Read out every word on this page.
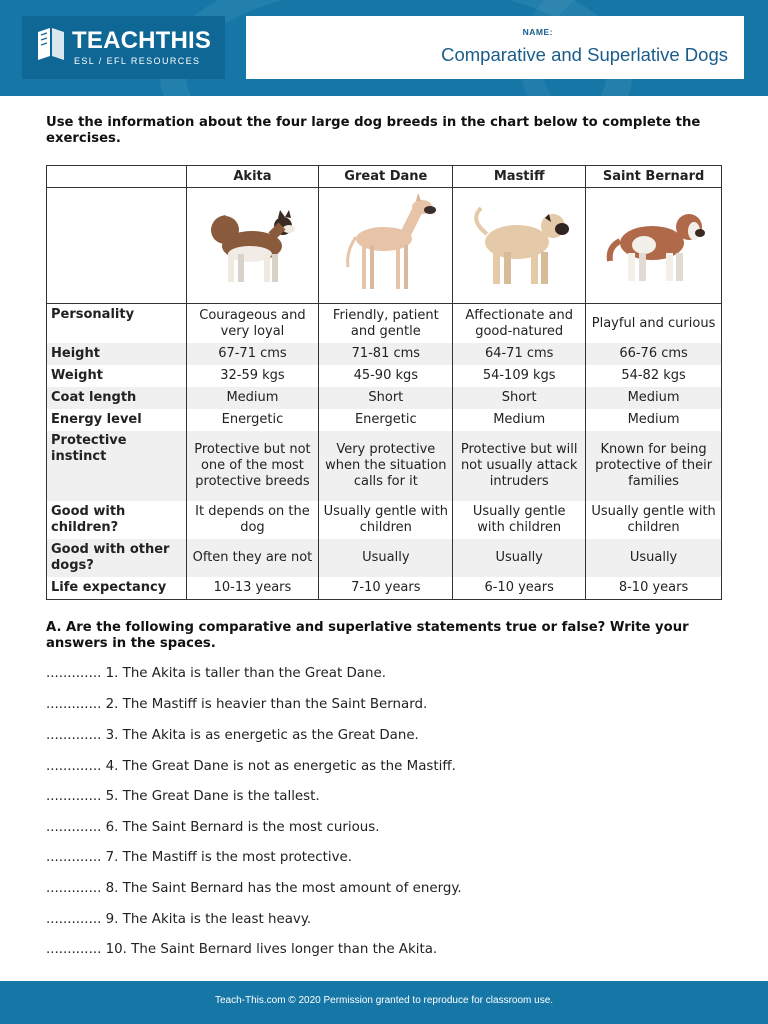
TEACHTHIS
ESL / EFL RESOURCES
NAME:
Comparative and Superlative Dogs
Use the information about the four large dog breeds in the chart below to complete the exercises.
	Akita	Great Dane	Mastiff	Saint Bernard

Personality	Courageous and very loyal	Friendly, patient and gentle	Affectionate and good-natured	Playful and curious
Height	67-71 cms	71-81 cms	64-71 cms	66-76 cms
Weight	32-59 kgs	45-90 kgs	54-109 kgs	54-82 kgs
Coat length	Medium	Short	Short	Medium
Energy level	Energetic	Energetic	Medium	Medium
Protective instinct	Protective but not one of the most protective breeds	Very protective when the situation calls for it	Protective but will not usually attack intruders	Known for being protective of their families
Good with children?	It depends on the dog	Usually gentle with children	Usually gentle with children	Usually gentle with children
Good with other dogs?	Often they are not	Usually	Usually	Usually
Life expectancy	10-13 years	7-10 years	6-10 years	8-10 years
A. Are the following comparative and superlative statements true or false? Write your answers in the spaces.
............. 1. The Akita is taller than the Great Dane.
............. 2. The Mastiff is heavier than the Saint Bernard.
............. 3. The Akita is as energetic as the Great Dane.
............. 4. The Great Dane is not as energetic as the Mastiff.
............. 5. The Great Dane is the tallest.
............. 6. The Saint Bernard is the most curious.
............. 7. The Mastiff is the most protective.
............. 8. The Saint Bernard has the most amount of energy.
............. 9. The Akita is the least heavy.
............. 10. The Saint Bernard lives longer than the Akita.
Teach-This.com © 2020 Permission granted to reproduce for classroom use.
